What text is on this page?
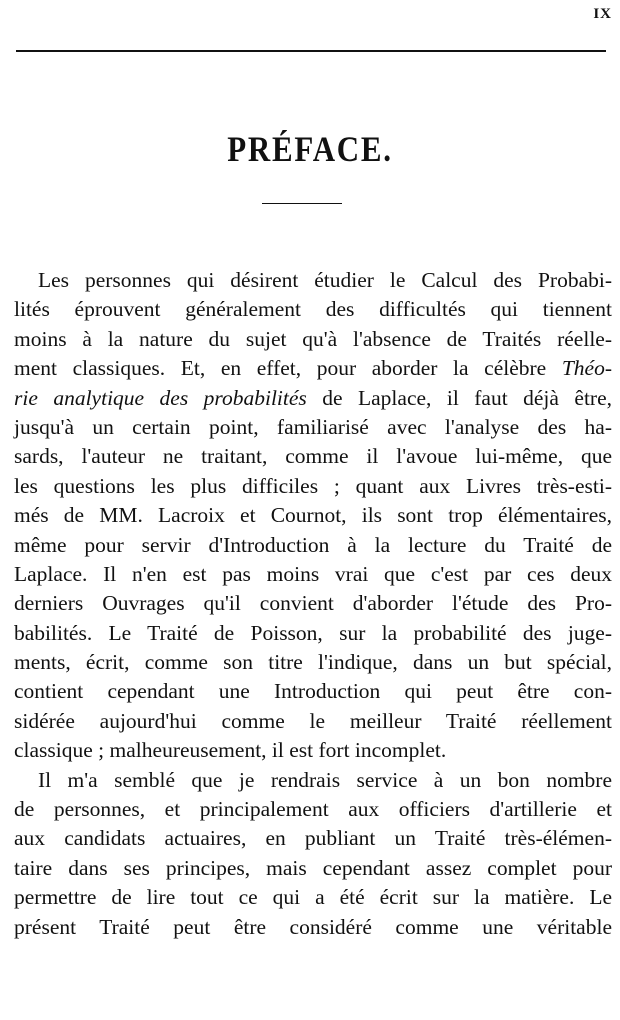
IX
PRÉFACE.
Les personnes qui désirent étudier le Calcul des Probabi-
lités éprouvent généralement des difficultés qui tiennent
moins à la nature du sujet qu'à l'absence de Traités réelle-
ment classiques. Et, en effet, pour aborder la célèbre Théo-
rie analytique des probabilités de Laplace, il faut déjà être,
jusqu'à un certain point, familiarisé avec l'analyse des ha-
sards, l'auteur ne traitant, comme il l'avoue lui-même, que
les questions les plus difficiles ; quant aux Livres très-esti-
més de MM. Lacroix et Cournot, ils sont trop élémentaires,
même pour servir d'Introduction à la lecture du Traité de
Laplace. Il n'en est pas moins vrai que c'est par ces deux
derniers Ouvrages qu'il convient d'aborder l'étude des Pro-
babilités. Le Traité de Poisson, sur la probabilité des juge-
ments, écrit, comme son titre l'indique, dans un but spécial,
contient cependant une Introduction qui peut être con-
sidérée aujourd'hui comme le meilleur Traité réellement
classique ; malheureusement, il est fort incomplet.
Il m'a semblé que je rendrais service à un bon nombre
de personnes, et principalement aux officiers d'artillerie et
aux candidats actuaires, en publiant un Traité très-élémen-
taire dans ses principes, mais cependant assez complet pour
permettre de lire tout ce qui a été écrit sur la matière. Le
présent Traité peut être considéré comme une véritable
